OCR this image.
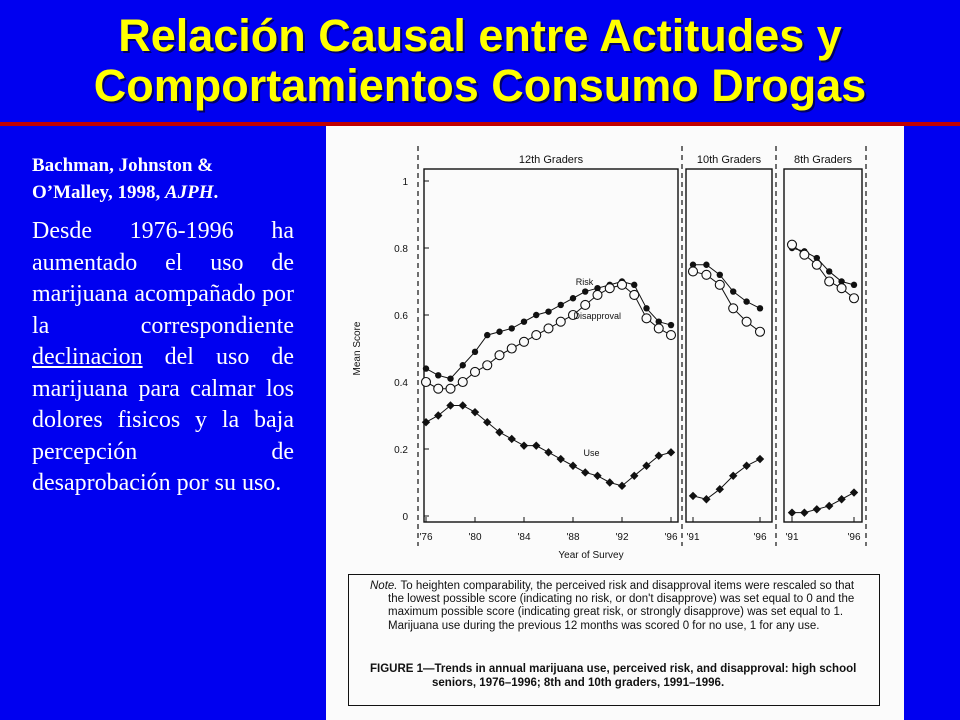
Relación Causal entre Actitudes y
Comportamientos Consumo Drogas
Bachman, Johnston & O’Malley, 1998, AJPH.
Desde 1976-1996 ha aumentado el uso de marijuana acompañado por la correspondiente declinacion del uso de marijuana para calmar los dolores fisicos y la baja percepción de desaprobación por su uso.
Mean Score
0
0.2
0.4
0.6
0.8
1
Year of Survey
12th Graders
'76	'80	'84	'88	'92	'96
Risk
Disapproval
Use
10th Graders
'91	'96
8th Graders
'91	'96
Note. To heighten comparability, the perceived risk and disapproval items were rescaled so that the lowest possible score (indicating no risk, or don't disapprove) was set equal to 0 and the maximum possible score (indicating great risk, or strongly disapprove) was set equal to 1. Marijuana use during the previous 12 months was scored 0 for no use, 1 for any use.
FIGURE 1—Trends in annual marijuana use, perceived risk, and disapproval: high school seniors, 1976–1996; 8th and 10th graders, 1991–1996.
